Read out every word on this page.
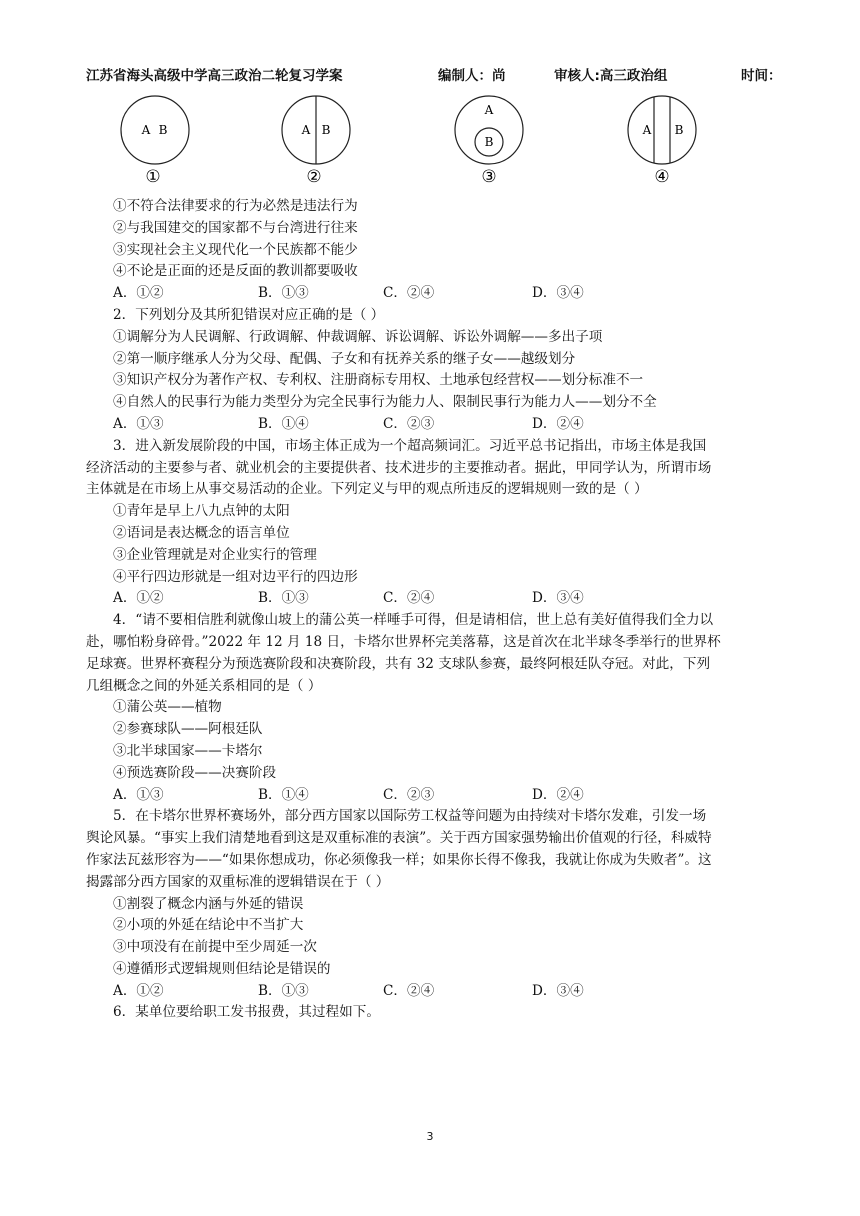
江苏省海头高级中学高三政治二轮复习学案	编制人：尚	审核人:高三政治组	时间：
A B
①
A B
②
A
B
③
A B
④
①不符合法律要求的行为必然是违法行为
②与我国建交的国家都不与台湾进行往来
③实现社会主义现代化一个民族都不能少
④不论是正面的还是反面的教训都要吸收
A．①②	B．①③	C．②④	D．③④
2．下列划分及其所犯错误对应正确的是（ ）
①调解分为人民调解、行政调解、仲裁调解、诉讼调解、诉讼外调解——多出子项
②第一顺序继承人分为父母、配偶、子女和有抚养关系的继子女——越级划分
③知识产权分为著作产权、专利权、注册商标专用权、土地承包经营权——划分标准不一
④自然人的民事行为能力类型分为完全民事行为能力人、限制民事行为能力人——划分不全
A．①③	B．①④	C．②③	D．②④
3．进入新发展阶段的中国，市场主体正成为一个超高频词汇。习近平总书记指出，市场主体是我国
经济活动的主要参与者、就业机会的主要提供者、技术进步的主要推动者。据此，甲同学认为，所谓市场
主体就是在市场上从事交易活动的企业。下列定义与甲的观点所违反的逻辑规则一致的是（ ）
①青年是早上八九点钟的太阳
②语词是表达概念的语言单位
③企业管理就是对企业实行的管理
④平行四边形就是一组对边平行的四边形
A．①②	B．①③	C．②④	D．③④
4．“请不要相信胜利就像山坡上的蒲公英一样唾手可得，但是请相信，世上总有美好值得我们全力以
赴，哪怕粉身碎骨。”2022 年 12 月 18 日，卡塔尔世界杯完美落幕，这是首次在北半球冬季举行的世界杯
足球赛。世界杯赛程分为预选赛阶段和决赛阶段，共有 32 支球队参赛，最终阿根廷队夺冠。对此，下列
几组概念之间的外延关系相同的是（ ）
①蒲公英——植物
②参赛球队——阿根廷队
③北半球国家——卡塔尔
④预选赛阶段——决赛阶段
A．①③	B．①④	C．②③	D．②④
5．在卡塔尔世界杯赛场外，部分西方国家以国际劳工权益等问题为由持续对卡塔尔发难，引发一场
舆论风暴。“事实上我们清楚地看到这是双重标准的表演”。关于西方国家强势输出价值观的行径，科威特
作家法瓦兹形容为——“如果你想成功，你必须像我一样；如果你长得不像我，我就让你成为失败者”。这
揭露部分西方国家的双重标准的逻辑错误在于（ ）
①割裂了概念内涵与外延的错误
②小项的外延在结论中不当扩大
③中项没有在前提中至少周延一次
④遵循形式逻辑规则但结论是错误的
A．①②	B．①③	C．②④	D．③④
6．某单位要给职工发书报费，其过程如下。
3
